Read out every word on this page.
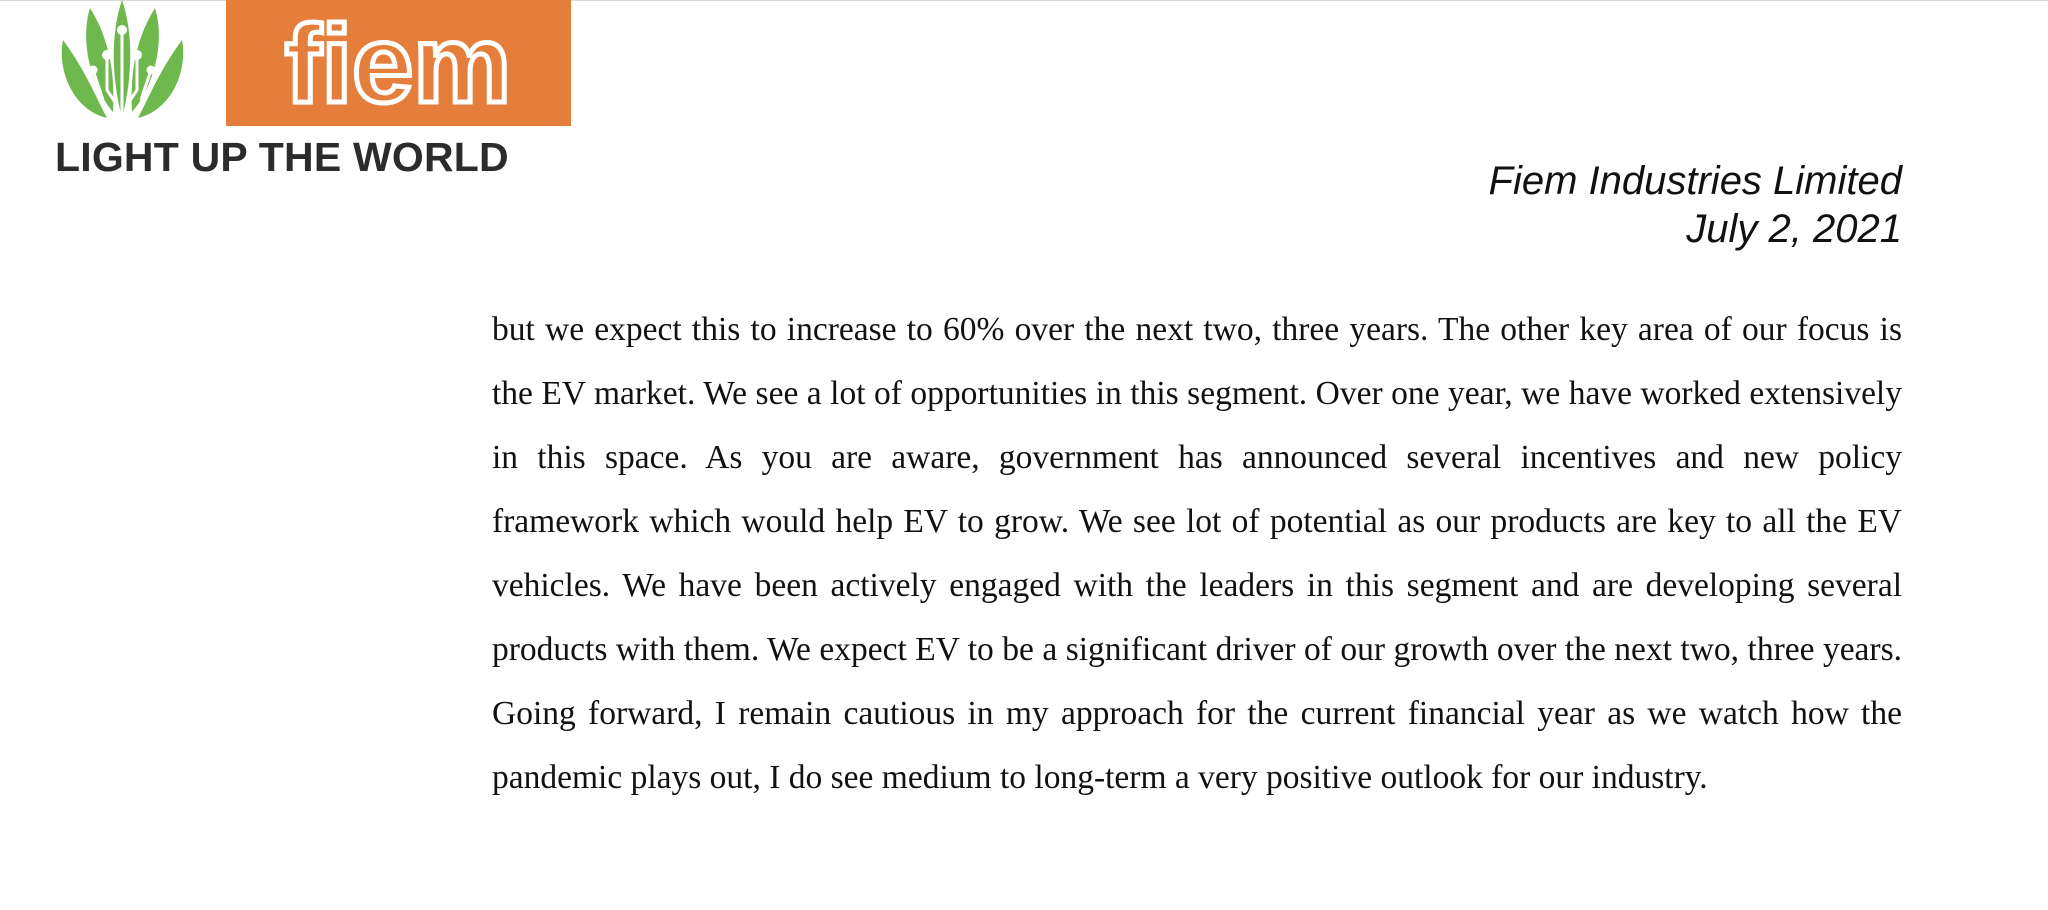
fiem
LIGHT UP THE WORLD
Fiem Industries Limited
July 2, 2021

but we expect this to increase to 60% over the next two, three years. The other key area of our focus is the EV market. We see a lot of opportunities in this segment. Over one year, we have worked extensively in this space. As you are aware, government has announced several incentives and new policy framework which would help EV to grow. We see lot of potential as our products are key to all the EV vehicles. We have been actively engaged with the leaders in this segment and are developing several products with them. We expect EV to be a significant driver of our growth over the next two, three years. Going forward, I remain cautious in my approach for the current financial year as we watch how the pandemic plays out, I do see medium to long-term a very positive outlook for our industry.
